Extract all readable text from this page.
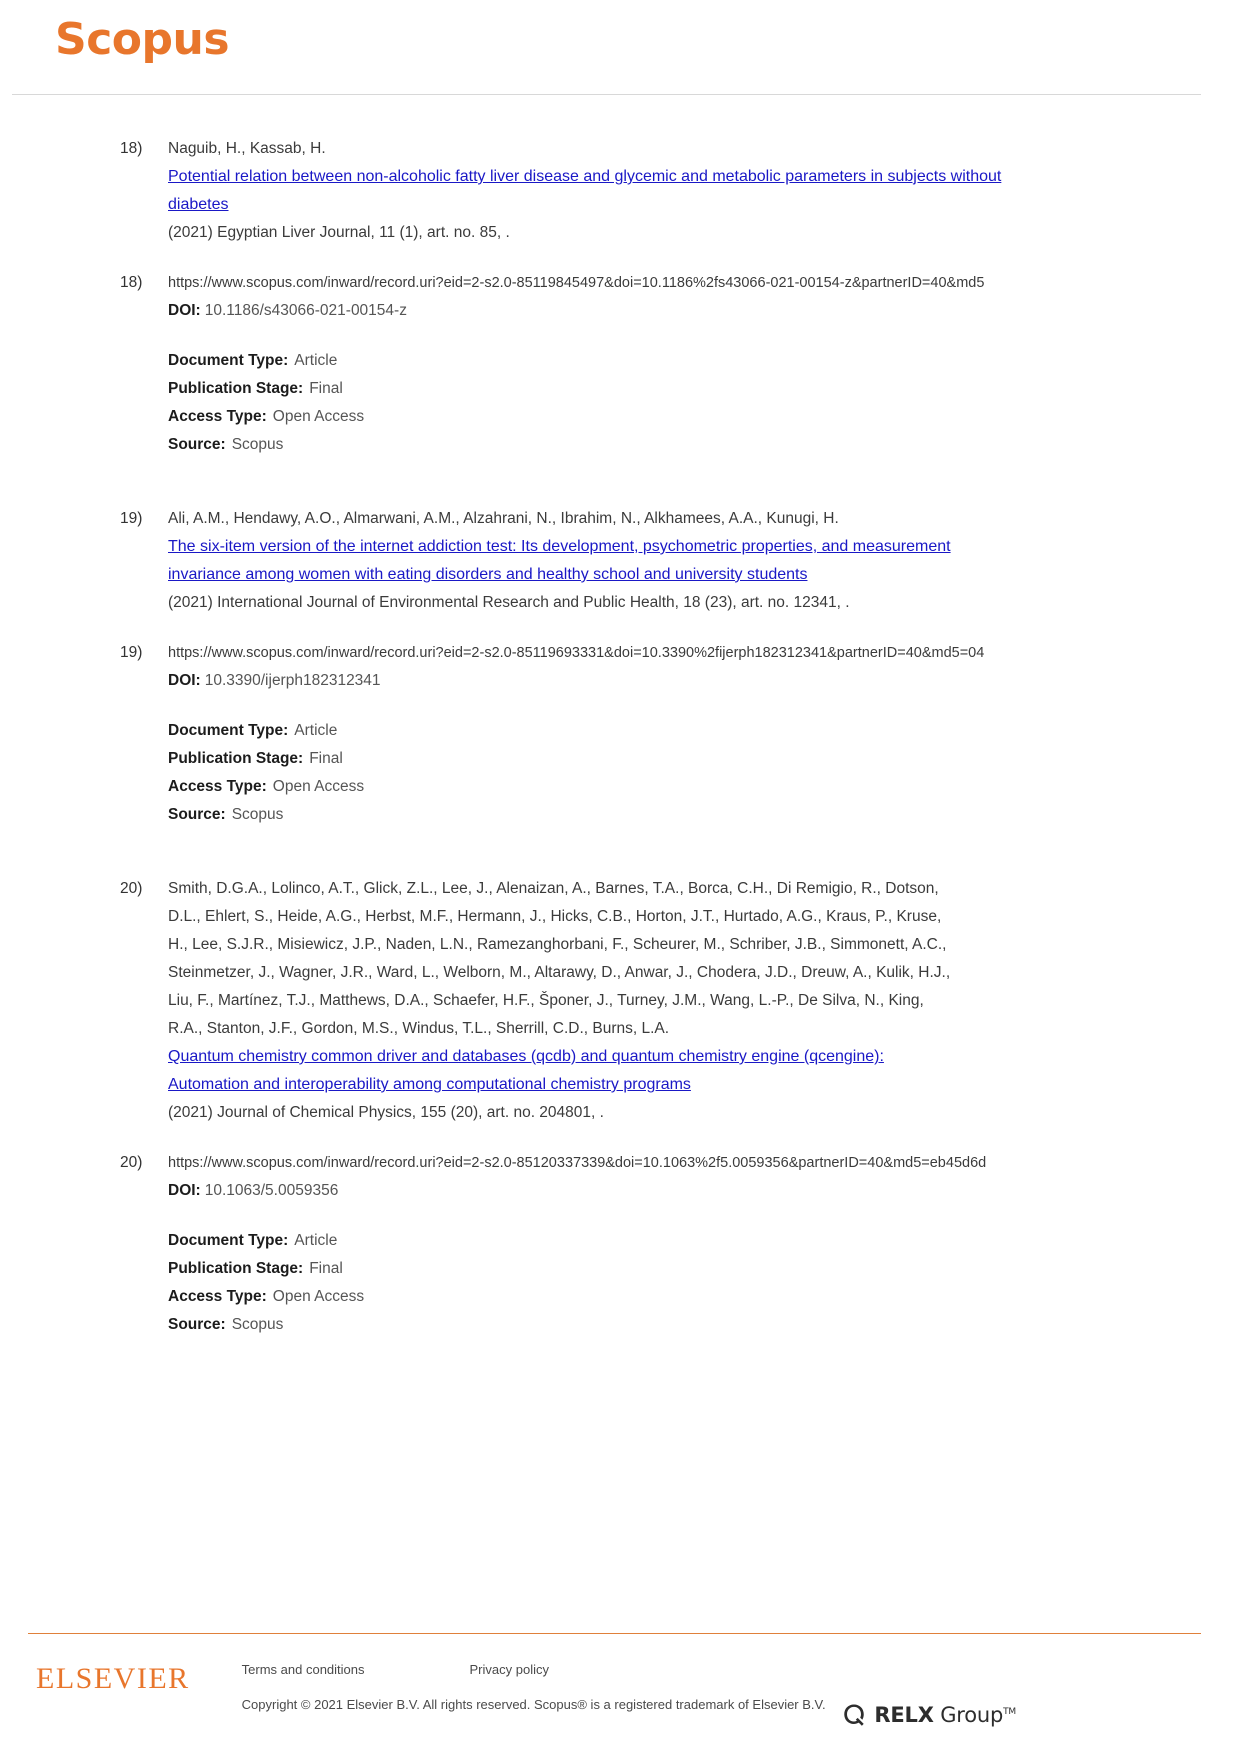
Scopus
18) Naguib, H., Kassab, H.
Potential relation between non-alcoholic fatty liver disease and glycemic and metabolic parameters in subjects without diabetes
(2021) Egyptian Liver Journal, 11 (1), art. no. 85, .
18) https://www.scopus.com/inward/record.uri?eid=2-s2.0-85119845497&doi=10.1186%2fs43066-021-00154-z&partnerID=40&md5
DOI: 10.1186/s43066-021-00154-z
Document Type: Article
Publication Stage: Final
Access Type: Open Access
Source: Scopus
19) Ali, A.M., Hendawy, A.O., Almarwani, A.M., Alzahrani, N., Ibrahim, N., Alkhamees, A.A., Kunugi, H.
The six-item version of the internet addiction test: Its development, psychometric properties, and measurement invariance among women with eating disorders and healthy school and university students
(2021) International Journal of Environmental Research and Public Health, 18 (23), art. no. 12341, .
19) https://www.scopus.com/inward/record.uri?eid=2-s2.0-85119693331&doi=10.3390%2fijerph182312341&partnerID=40&md5=04
DOI: 10.3390/ijerph182312341
Document Type: Article
Publication Stage: Final
Access Type: Open Access
Source: Scopus
20) Smith, D.G.A., Lolinco, A.T., Glick, Z.L., Lee, J., Alenaizan, A., Barnes, T.A., Borca, C.H., Di Remigio, R., Dotson, D.L., Ehlert, S., Heide, A.G., Herbst, M.F., Hermann, J., Hicks, C.B., Horton, J.T., Hurtado, A.G., Kraus, P., Kruse, H., Lee, S.J.R., Misiewicz, J.P., Naden, L.N., Ramezanghorbani, F., Scheurer, M., Schriber, J.B., Simmonett, A.C., Steinmetzer, J., Wagner, J.R., Ward, L., Welborn, M., Altarawy, D., Anwar, J., Chodera, J.D., Dreuw, A., Kulik, H.J., Liu, F., Martínez, T.J., Matthews, D.A., Schaefer, H.F., Šponer, J., Turney, J.M., Wang, L.-P., De Silva, N., King, R.A., Stanton, J.F., Gordon, M.S., Windus, T.L., Sherrill, C.D., Burns, L.A.
Quantum chemistry common driver and databases (qcdb) and quantum chemistry engine (qcengine): Automation and interoperability among computational chemistry programs
(2021) Journal of Chemical Physics, 155 (20), art. no. 204801, .
20) https://www.scopus.com/inward/record.uri?eid=2-s2.0-85120337339&doi=10.1063%2f5.0059356&partnerID=40&md5=eb45d6d
DOI: 10.1063/5.0059356
Document Type: Article
Publication Stage: Final
Access Type: Open Access
Source: Scopus
ELSEVIER	Terms and conditions	Privacy policy
Copyright © 2021 Elsevier B.V. All rights reserved. Scopus® is a registered trademark of Elsevier B.V. RELX Group™
